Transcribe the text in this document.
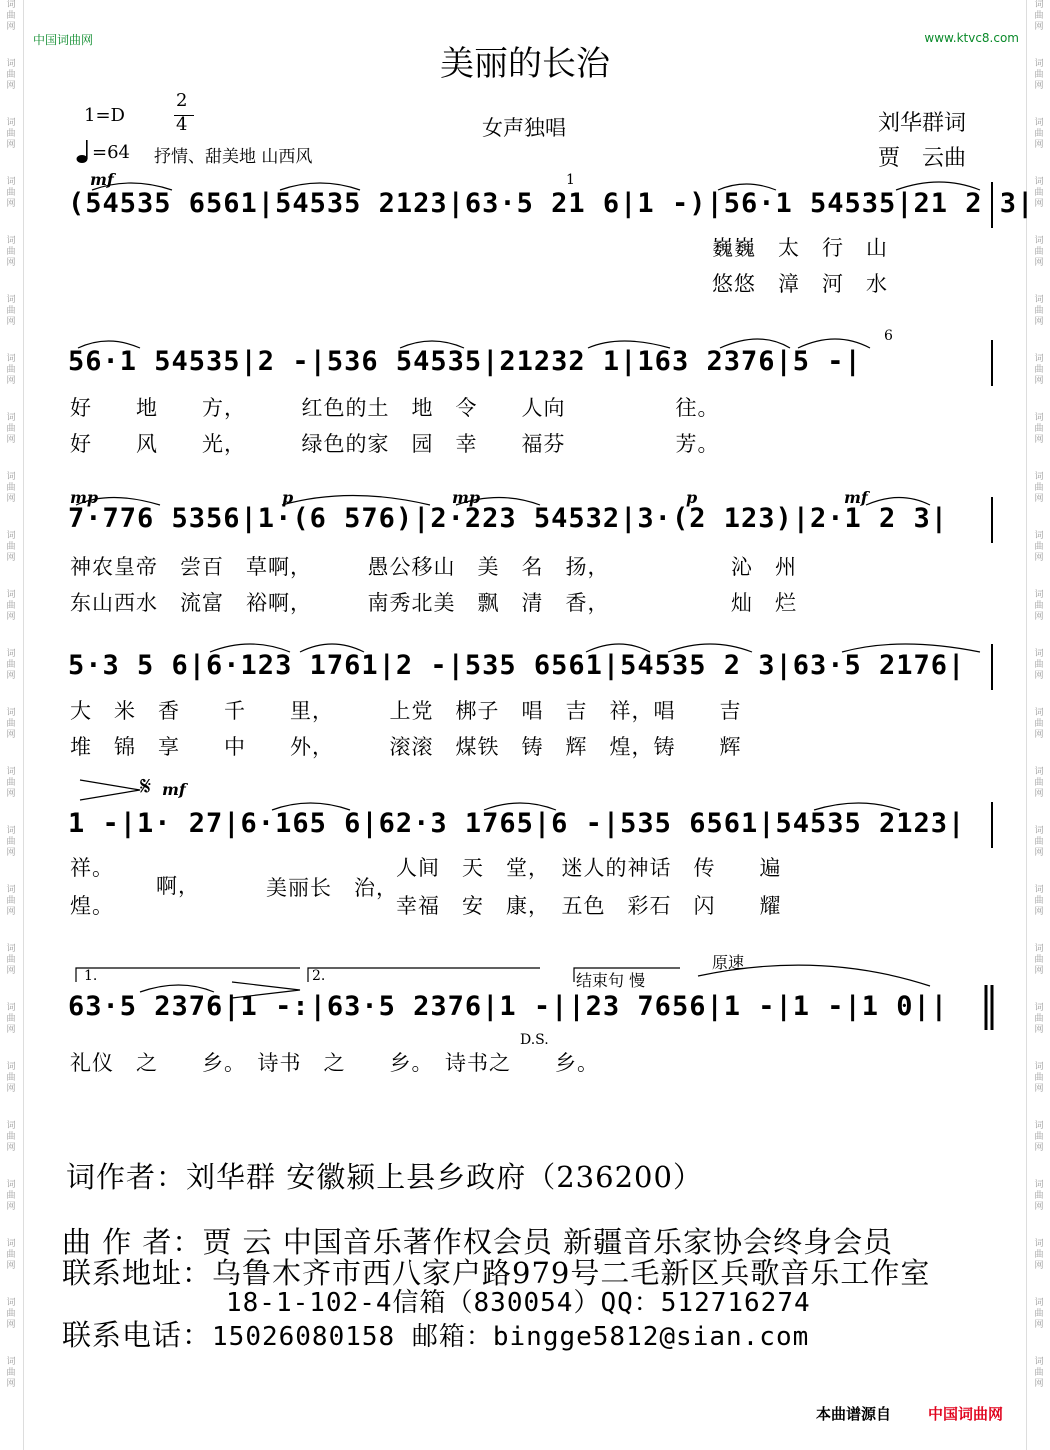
词
曲
网
词
曲
网
词
曲
网
词
曲
网
词
曲
网
词
曲
网
词
曲
网
词
曲
网
词
曲
网
词
曲
网
词
曲
网
词
曲
网
词
曲
网
词
曲
网
词
曲
网
词
曲
网
词
曲
网
词
曲
网
词
曲
网
词
曲
网
词
曲
网
词
曲
网
词
曲
网
词
曲
网
词
曲
网
词
曲
网
词
曲
网
词
曲
网
词
曲
网
词
曲
网
词
曲
网
词
曲
网
词
曲
网
词
曲
网
词
曲
网
词
曲
网
词
曲
网
词
曲
网
词
曲
网
词
曲
网
词
曲
网
词
曲
网
词
曲
网
词
曲
网
词
曲
网
词
曲
网
词
曲
网
词
曲
网
中国词曲网	www.ktvc8.com
美丽的长治
1=D
2
4
=64 抒情、甜美地 山西风
女声独唱	刘华群词
贾　云曲
mf	1
(54535 6561|54535 2123|63·5 21 6|1 -)|56·1 54535|21 2 3|
巍巍　太　行　山
悠悠　漳　河　水
6
56·1 54535|2 -|536 54535|21232 1|163 2376|5 -|
好　　地　　方，　　　红色的土　地　令　　人向　　　　　往。
好　　风　　光，　　　绿色的家　园　幸　　福芬　　　　　芳。
mp	p	mp	p	mf
7·776 5356|1·(6 576)|2·223 54532|3·(2 123)|2·1 2 3|
神农皇帝　尝百　草啊，　　　愚公移山　美　名　扬，　　　　　　沁　州
东山西水　流富　裕啊，　　　南秀北美　飘　清　香，　　　　　　灿　烂
5·3 5 6|6·123 1761|2 -|535 6561|54535 2 3|63·5 2176|
大　米　香　　千　　里，　　　上党　梆子　唱　吉　祥，唱　　吉
堆　锦　享　　中　　外，　　　滚滚　煤铁　铸　辉　煌，铸　　辉
𝄋 mf
1 -|1· 27|6·165 6|62·3 1765|6 -|535 6561|54535 2123|
祥。
煌。
啊，	美丽长　治，
人间　天　堂，　迷人的神话　传　　遍
幸福　安　康，　五色　彩石　闪　　耀
1.	2.
D.S.
结束句 慢
原速
63·5 2376|1 -:|63·5 2376|1 -||23 7656|1 -|1 -|1 0||
礼仪　之　　乡。　诗书　之　　乡。　诗书之　　乡。
词作者：刘华群 安徽颍上县乡政府（236200）
曲 作 者：贾 云 中国音乐著作权会员 新疆音乐家协会终身会员
联系地址：乌鲁木齐市西八家户路979号二毛新区兵歌音乐工作室
18-1-102-4信箱（830054）QQ：512716274
联系电话：15026080158 邮箱：bingge5812@sian.com
本曲谱源自 中国词曲网
